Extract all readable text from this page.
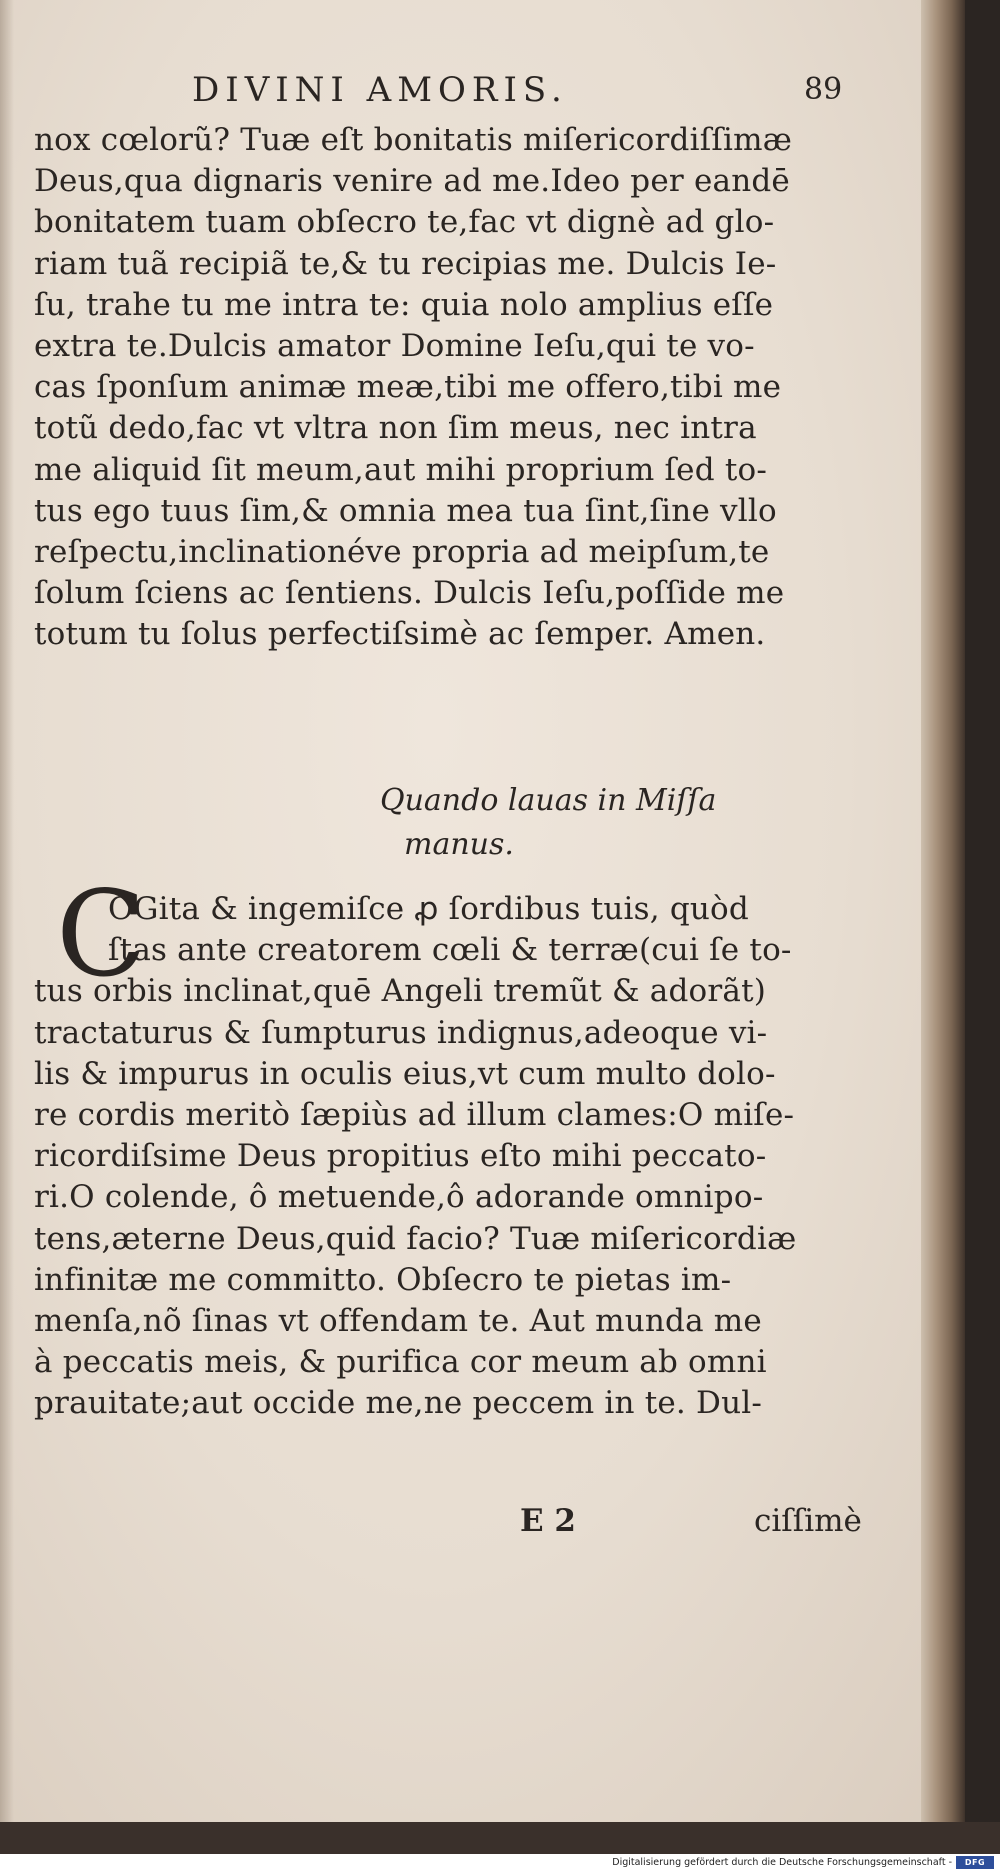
DIVINI AMORIS.	89
nox cœlorũ? Tuæ eſt bonitatis miſericordiſſimæ
Deus,qua dignaris venire ad me.Ideo per eandē
bonitatem tuam obſecro te,fac vt dignè ad glo-
riam tuã recipiã te,& tu recipias me. Dulcis Ie-
ſu, trahe tu me intra te: quia nolo amplius eſſe
extra te.Dulcis amator Domine Ieſu,qui te vo-
cas ſponſum animæ meæ,tibi me offero,tibi me
totũ dedo,fac vt vltra non ſim meus, nec intra
me aliquid ſit meum,aut mihi proprium ſed to-
tus ego tuus ſim,& omnia mea tua ſint,ſine vllo
reſpectu,inclinationéve propria ad meipſum,te
ſolum ſciens ac ſentiens. Dulcis Ieſu,poſſide me
totum tu ſolus perfectiſsimè ac ſemper. Amen.
Quando lauas in Miſſa
manus.
C
OGita & ingemiſce ꝓ ſordibus tuis, quòd
ſtas ante creatorem cœli & terræ(cui ſe to-
tus orbis inclinat,quē Angeli tremũt & adorãt)
tractaturus & ſumpturus indignus,adeoque vi-
lis & impurus in oculis eius,vt cum multo dolo-
re cordis meritò ſæpiùs ad illum clames:O miſe-
ricordiſsime Deus propitius eſto mihi peccato-
ri.O colende, ô metuende,ô adorande omnipo-
tens,æterne Deus,quid facio? Tuæ miſericordiæ
infinitæ me committo. Obſecro te pietas im-
menſa,nõ ſinas vt offendam te. Aut munda me
à peccatis meis, & purifica cor meum ab omni
prauitate;aut occide me,ne peccem in te. Dul-
E 2	ciſſimè
Digitalisierung gefördert durch die Deutsche Forschungsgemeinschaft -	DFG
